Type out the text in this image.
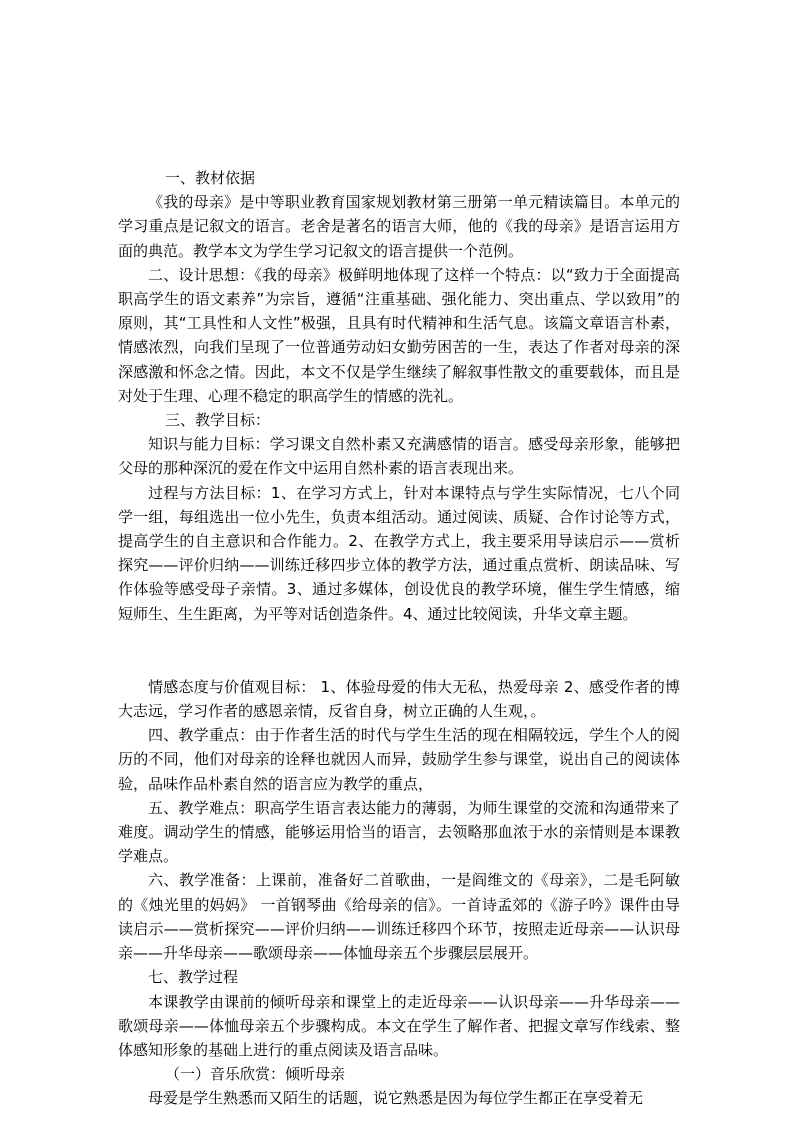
一、教材依据

《我的母亲》是中等职业教育国家规划教材第三册第一单元精读篇目。本单元的学习重点是记叙文的语言。老舍是著名的语言大师，他的《我的母亲》是语言运用方面的典范。教学本文为学生学习记叙文的语言提供一个范例。

二、设计思想：《我的母亲》极鲜明地体现了这样一个特点：以“致力于全面提高职高学生的语文素养”为宗旨，遵循“注重基础、强化能力、突出重点、学以致用”的原则，其“工具性和人文性”极强，且具有时代精神和生活气息。该篇文章语言朴素，情感浓烈，向我们呈现了一位普通劳动妇女勤劳困苦的一生，表达了作者对母亲的深深感激和怀念之情。因此，本文不仅是学生继续了解叙事性散文的重要载体，而且是对处于生理、心理不稳定的职高学生的情感的洗礼。

三、教学目标：

知识与能力目标：学习课文自然朴素又充满感情的语言。感受母亲形象，能够把父母的那种深沉的爱在作文中运用自然朴素的语言表现出来。

过程与方法目标：1、在学习方式上，针对本课特点与学生实际情况，七八个同学一组，每组选出一位小先生，负责本组活动。通过阅读、质疑、合作讨论等方式，提高学生的自主意识和合作能力。2、在教学方式上，我主要采用导读启示——赏析探究——评价归纳——训练迁移四步立体的教学方法，通过重点赏析、朗读品味、写作体验等感受母子亲情。3、通过多媒体，创设优良的教学环境，催生学生情感，缩短师生、生生距离，为平等对话创造条件。4、通过比较阅读，升华文章主题。

情感态度与价值观目标： 1、体验母爱的伟大无私，热爱母亲 2、感受作者的博大志远，学习作者的感恩亲情，反省自身，树立正确的人生观，。

四、教学重点：由于作者生活的时代与学生生活的现在相隔较远，学生个人的阅历的不同，他们对母亲的诠释也就因人而异，鼓励学生参与课堂，说出自己的阅读体验，品味作品朴素自然的语言应为教学的重点，

五、教学难点：职高学生语言表达能力的薄弱，为师生课堂的交流和沟通带来了难度。调动学生的情感，能够运用恰当的语言，去领略那血浓于水的亲情则是本课教学难点。

六、教学准备：上课前，准备好二首歌曲，一是阎维文的《母亲》，二是毛阿敏的《烛光里的妈妈》 一首钢琴曲《给母亲的信》。一首诗孟郊的《游子吟》课件由导读启示——赏析探究——评价归纳——训练迁移四个环节，按照走近母亲——认识母亲——升华母亲——歌颂母亲——体恤母亲五个步骤层层展开。

七、教学过程

本课教学由课前的倾听母亲和课堂上的走近母亲——认识母亲——升华母亲——歌颂母亲——体恤母亲五个步骤构成。本文在学生了解作者、把握文章写作线索、整体感知形象的基础上进行的重点阅读及语言品味。

（一）音乐欣赏：倾听母亲

母爱是学生熟悉而又陌生的话题，说它熟悉是因为每位学生都正在享受着无
